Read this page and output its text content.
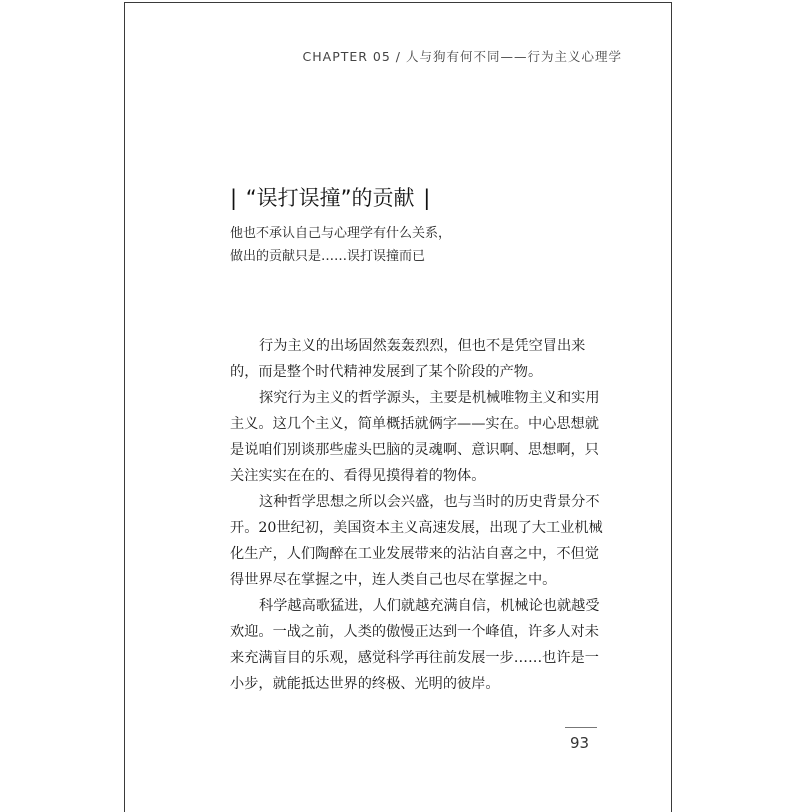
CHAPTER 05 / 人与狗有何不同——行为主义心理学
| “误打误撞”的贡献 |
他也不承认自己与心理学有什么关系，
做出的贡献只是……误打误撞而已

行为主义的出场固然轰轰烈烈，但也不是凭空冒出来的，而是整个时代精神发展到了某个阶段的产物。

探究行为主义的哲学源头，主要是机械唯物主义和实用主义。这几个主义，简单概括就俩字——实在。中心思想就是说咱们别谈那些虚头巴脑的灵魂啊、意识啊、思想啊，只关注实实在在的、看得见摸得着的物体。

这种哲学思想之所以会兴盛，也与当时的历史背景分不开。20世纪初，美国资本主义高速发展，出现了大工业机械化生产，人们陶醉在工业发展带来的沾沾自喜之中，不但觉得世界尽在掌握之中，连人类自己也尽在掌握之中。

科学越高歌猛进，人们就越充满自信，机械论也就越受欢迎。一战之前，人类的傲慢正达到一个峰值，许多人对未来充满盲目的乐观，感觉科学再往前发展一步……也许是一小步，就能抵达世界的终极、光明的彼岸。

93
